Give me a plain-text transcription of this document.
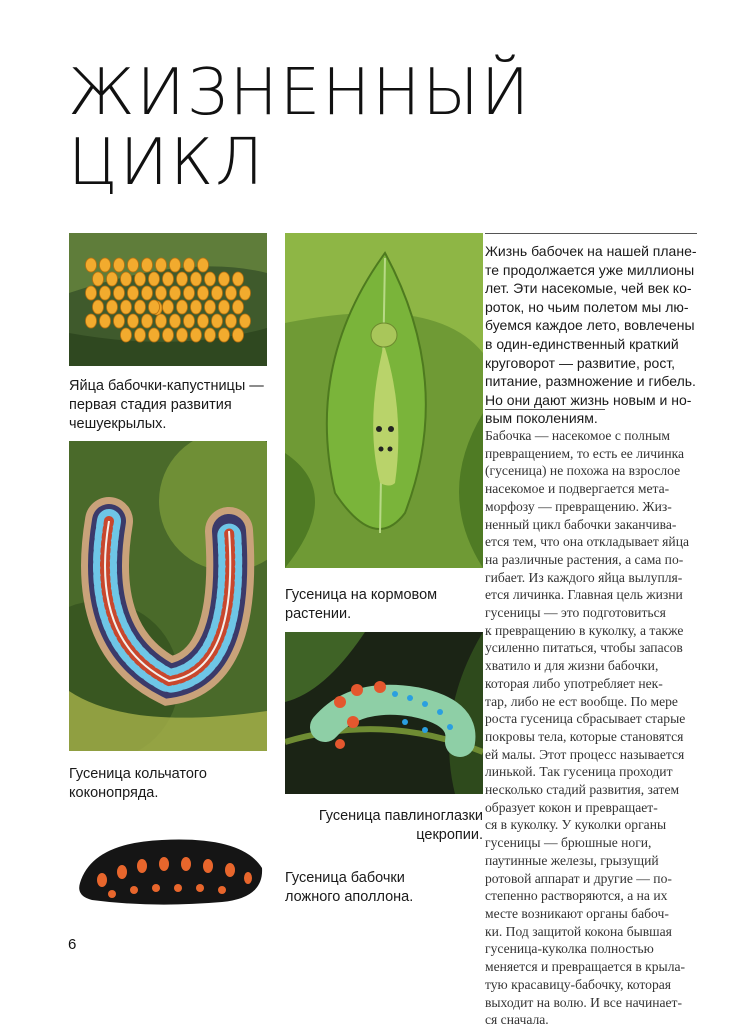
ЖИЗНЕННЫЙ
ЦИКЛ
Яйца бабочки-капустницы —
первая стадия развития
чешуекрылых.
Гусеница кольчатого
коконопряда.
Гусеница на кормовом
растении.
Гусеница павлиноглазки
цекропии.
Гусеница бабочки
ложного аполлона.
Жизнь бабочек на нашей плане-
те продолжается уже миллионы
лет. Эти насекомые, чей век ко-
роток, но чьим полетом мы лю-
буемся каждое лето, вовлечены
в один-единственный краткий
круговорот — развитие, рост,
питание, размножение и гибель.
Но они дают жизнь новым и но-
вым поколениям.
Бабочка — насекомое с полным
превращением, то есть ее личинка
(гусеница) не похожа на взрослое
насекомое и подвергается мета-
морфозу — превращению. Жиз-
ненный цикл бабочки заканчива-
ется тем, что она откладывает яйца
на различные растения, а сама по-
гибает. Из каждого яйца вылупля-
ется личинка. Главная цель жизни
гусеницы — это подготовиться
к превращению в куколку, а также
усиленно питаться, чтобы запасов
хватило и для жизни бабочки,
которая либо употребляет нек-
тар, либо не ест вообще. По мере
роста гусеница сбрасывает старые
покровы тела, которые становятся
ей малы. Этот процесс называется
линькой. Так гусеница проходит
несколько стадий развития, затем
образует кокон и превращает-
ся в куколку. У куколки органы
гусеницы — брюшные ноги,
паутинные железы, грызущий
ротовой аппарат и другие — по-
степенно растворяются, а на их
месте возникают органы бабоч-
ки. Под защитой кокона бывшая
гусеница-куколка полностью
меняется и превращается в крыла-
тую красавицу-бабочку, которая
выходит на волю. И все начинает-
ся сначала.
6
